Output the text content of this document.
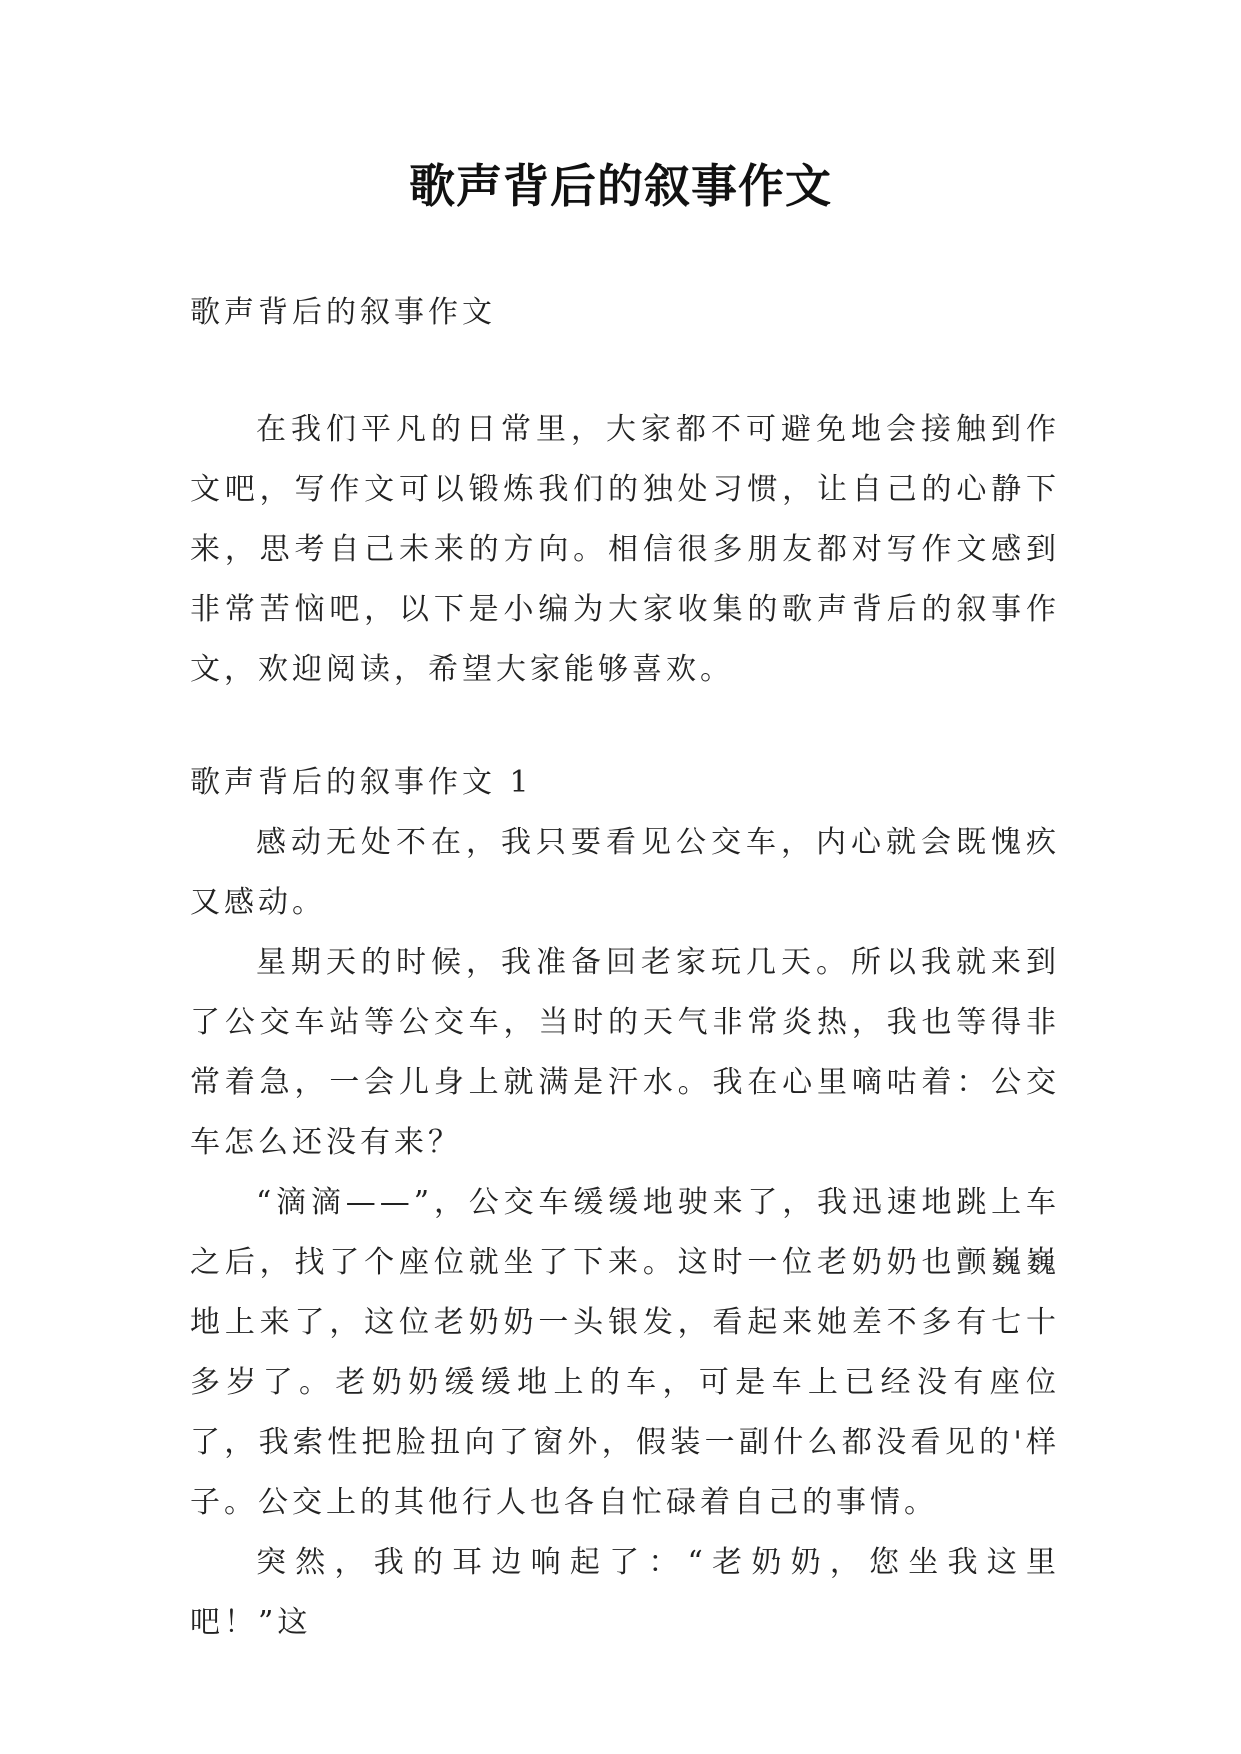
歌声背后的叙事作文

歌声背后的叙事作文

在我们平凡的日常里，大家都不可避免地会接触到作文吧，写作文可以锻炼我们的独处习惯，让自己的心静下来，思考自己未来的方向。相信很多朋友都对写作文感到非常苦恼吧，以下是小编为大家收集的歌声背后的叙事作文，欢迎阅读，希望大家能够喜欢。

歌声背后的叙事作文 1

感动无处不在，我只要看见公交车，内心就会既愧疚又感动。

星期天的时候，我准备回老家玩几天。所以我就来到了公交车站等公交车，当时的天气非常炎热，我也等得非常着急，一会儿身上就满是汗水。我在心里嘀咕着：公交车怎么还没有来？

“滴滴——”，公交车缓缓地驶来了，我迅速地跳上车之后，找了个座位就坐了下来。这时一位老奶奶也颤巍巍地上来了，这位老奶奶一头银发，看起来她差不多有七十多岁了。老奶奶缓缓地上的车，可是车上已经没有座位了，我索性把脸扭向了窗外，假装一副什么都没看见的'样子。公交上的其他行人也各自忙碌着自己的事情。

突然，我的耳边响起了：“老奶奶，您坐我这里吧！”这
